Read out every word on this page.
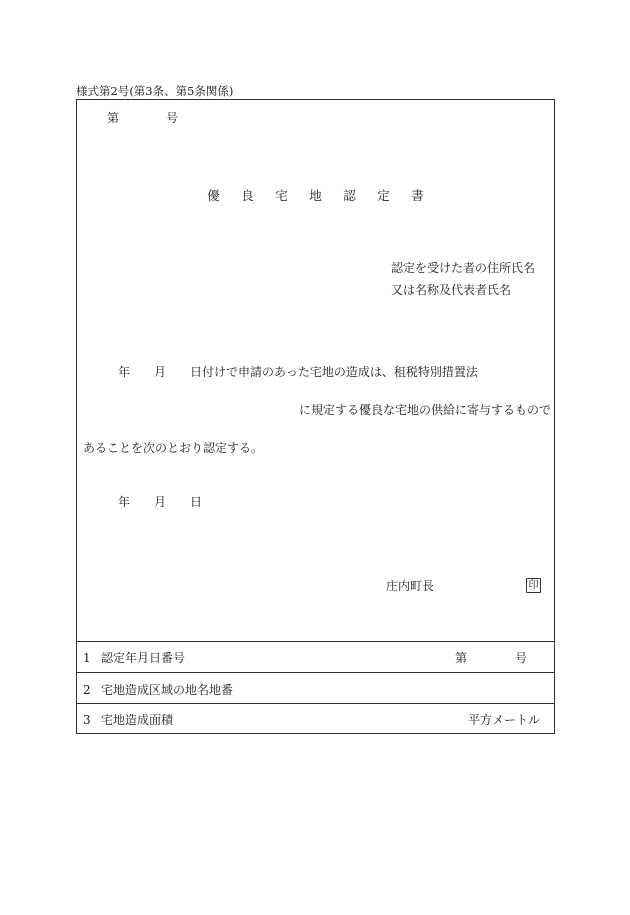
様式第2号(第3条、第5条関係)
第	号
優 良 宅 地 認 定 書
認定を受けた者の住所氏名
又は名称及代表者氏名
年 月 日付けで申請のあった宅地の造成は、租税特別措置法
に規定する優良な宅地の供給に寄与するもので
あることを次のとおり認定する。
年 月 日
庄内町長	印
1 認定年月日番号	第	号
2 宅地造成区域の地名地番
3 宅地造成面積	平方メートル
